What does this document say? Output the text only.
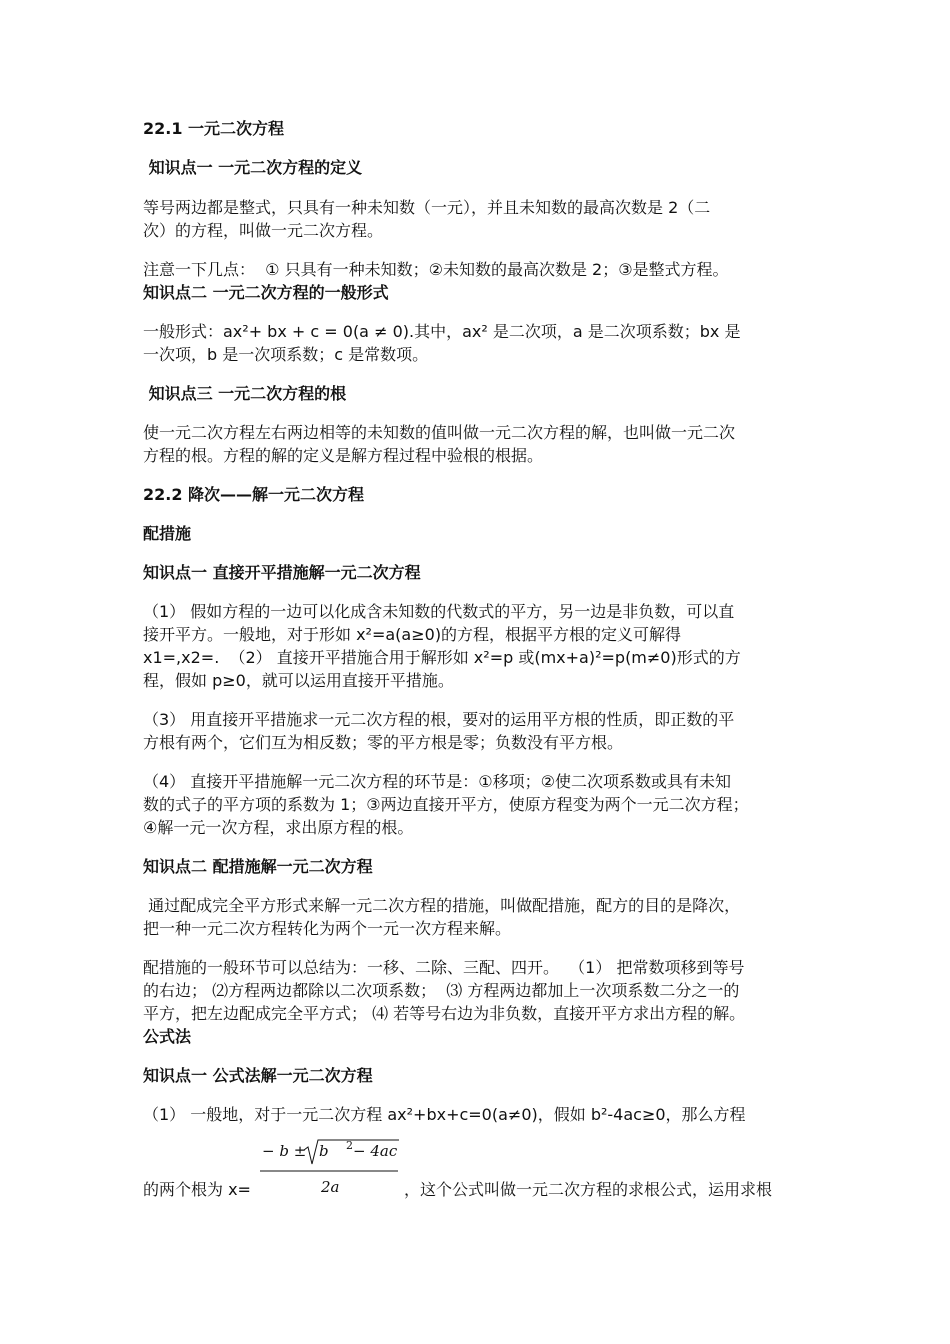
22.1 一元二次方程
知识点一 一元二次方程的定义
等号两边都是整式，只具有一种未知数（一元），并且未知数的最高次数是 2（二
次）的方程，叫做一元二次方程。
注意一下几点：  ① 只具有一种未知数；②未知数的最高次数是 2；③是整式方程。
知识点二 一元二次方程的一般形式
一般形式：ax²+ bx + c = 0(a ≠ 0).其中，ax² 是二次项，a 是二次项系数；bx 是
一次项，b 是一次项系数；c 是常数项。
知识点三 一元二次方程的根
使一元二次方程左右两边相等的未知数的值叫做一元二次方程的解，也叫做一元二次
方程的根。方程的解的定义是解方程过程中验根的根据。
22.2 降次——解一元二次方程
配措施
知识点一 直接开平措施解一元二次方程
（1） 假如方程的一边可以化成含未知数的代数式的平方，另一边是非负数，可以直
接开平方。一般地，对于形如 x²=a(a≥0)的方程，根据平方根的定义可解得
x1=,x2=.  （2） 直接开平措施合用于解形如 x²=p 或(mx+a)²=p(m≠0)形式的方
程，假如 p≥0，就可以运用直接开平措施。
（3） 用直接开平措施求一元二次方程的根，要对的运用平方根的性质，即正数的平
方根有两个，它们互为相反数；零的平方根是零；负数没有平方根。
（4） 直接开平措施解一元二次方程的环节是：①移项；②使二次项系数或具有未知
数的式子的平方项的系数为 1；③两边直接开平方，使原方程变为两个一元二次方程；
④解一元一次方程，求出原方程的根。
知识点二 配措施解一元二次方程
通过配成完全平方形式来解一元二次方程的措施，叫做配措施，配方的目的是降次，
把一种一元二次方程转化为两个一元一次方程来解。
配措施的一般环节可以总结为：一移、二除、三配、四开。  （1） 把常数项移到等号
的右边； ⑵方程两边都除以二次项系数；  ⑶ 方程两边都加上一次项系数二分之一的
平方，把左边配成完全平方式； ⑷ 若等号右边为非负数，直接开平方求出方程的解。
公式法
知识点一 公式法解一元二次方程
（1） 一般地，对于一元二次方程 ax²+bx+c=0(a≠0)，假如 b²-4ac≥0，那么方程
的两个根为 x=	，这个公式叫做一元二次方程的求根公式，运用求根
− b ± b 2 − 4ac
2a
